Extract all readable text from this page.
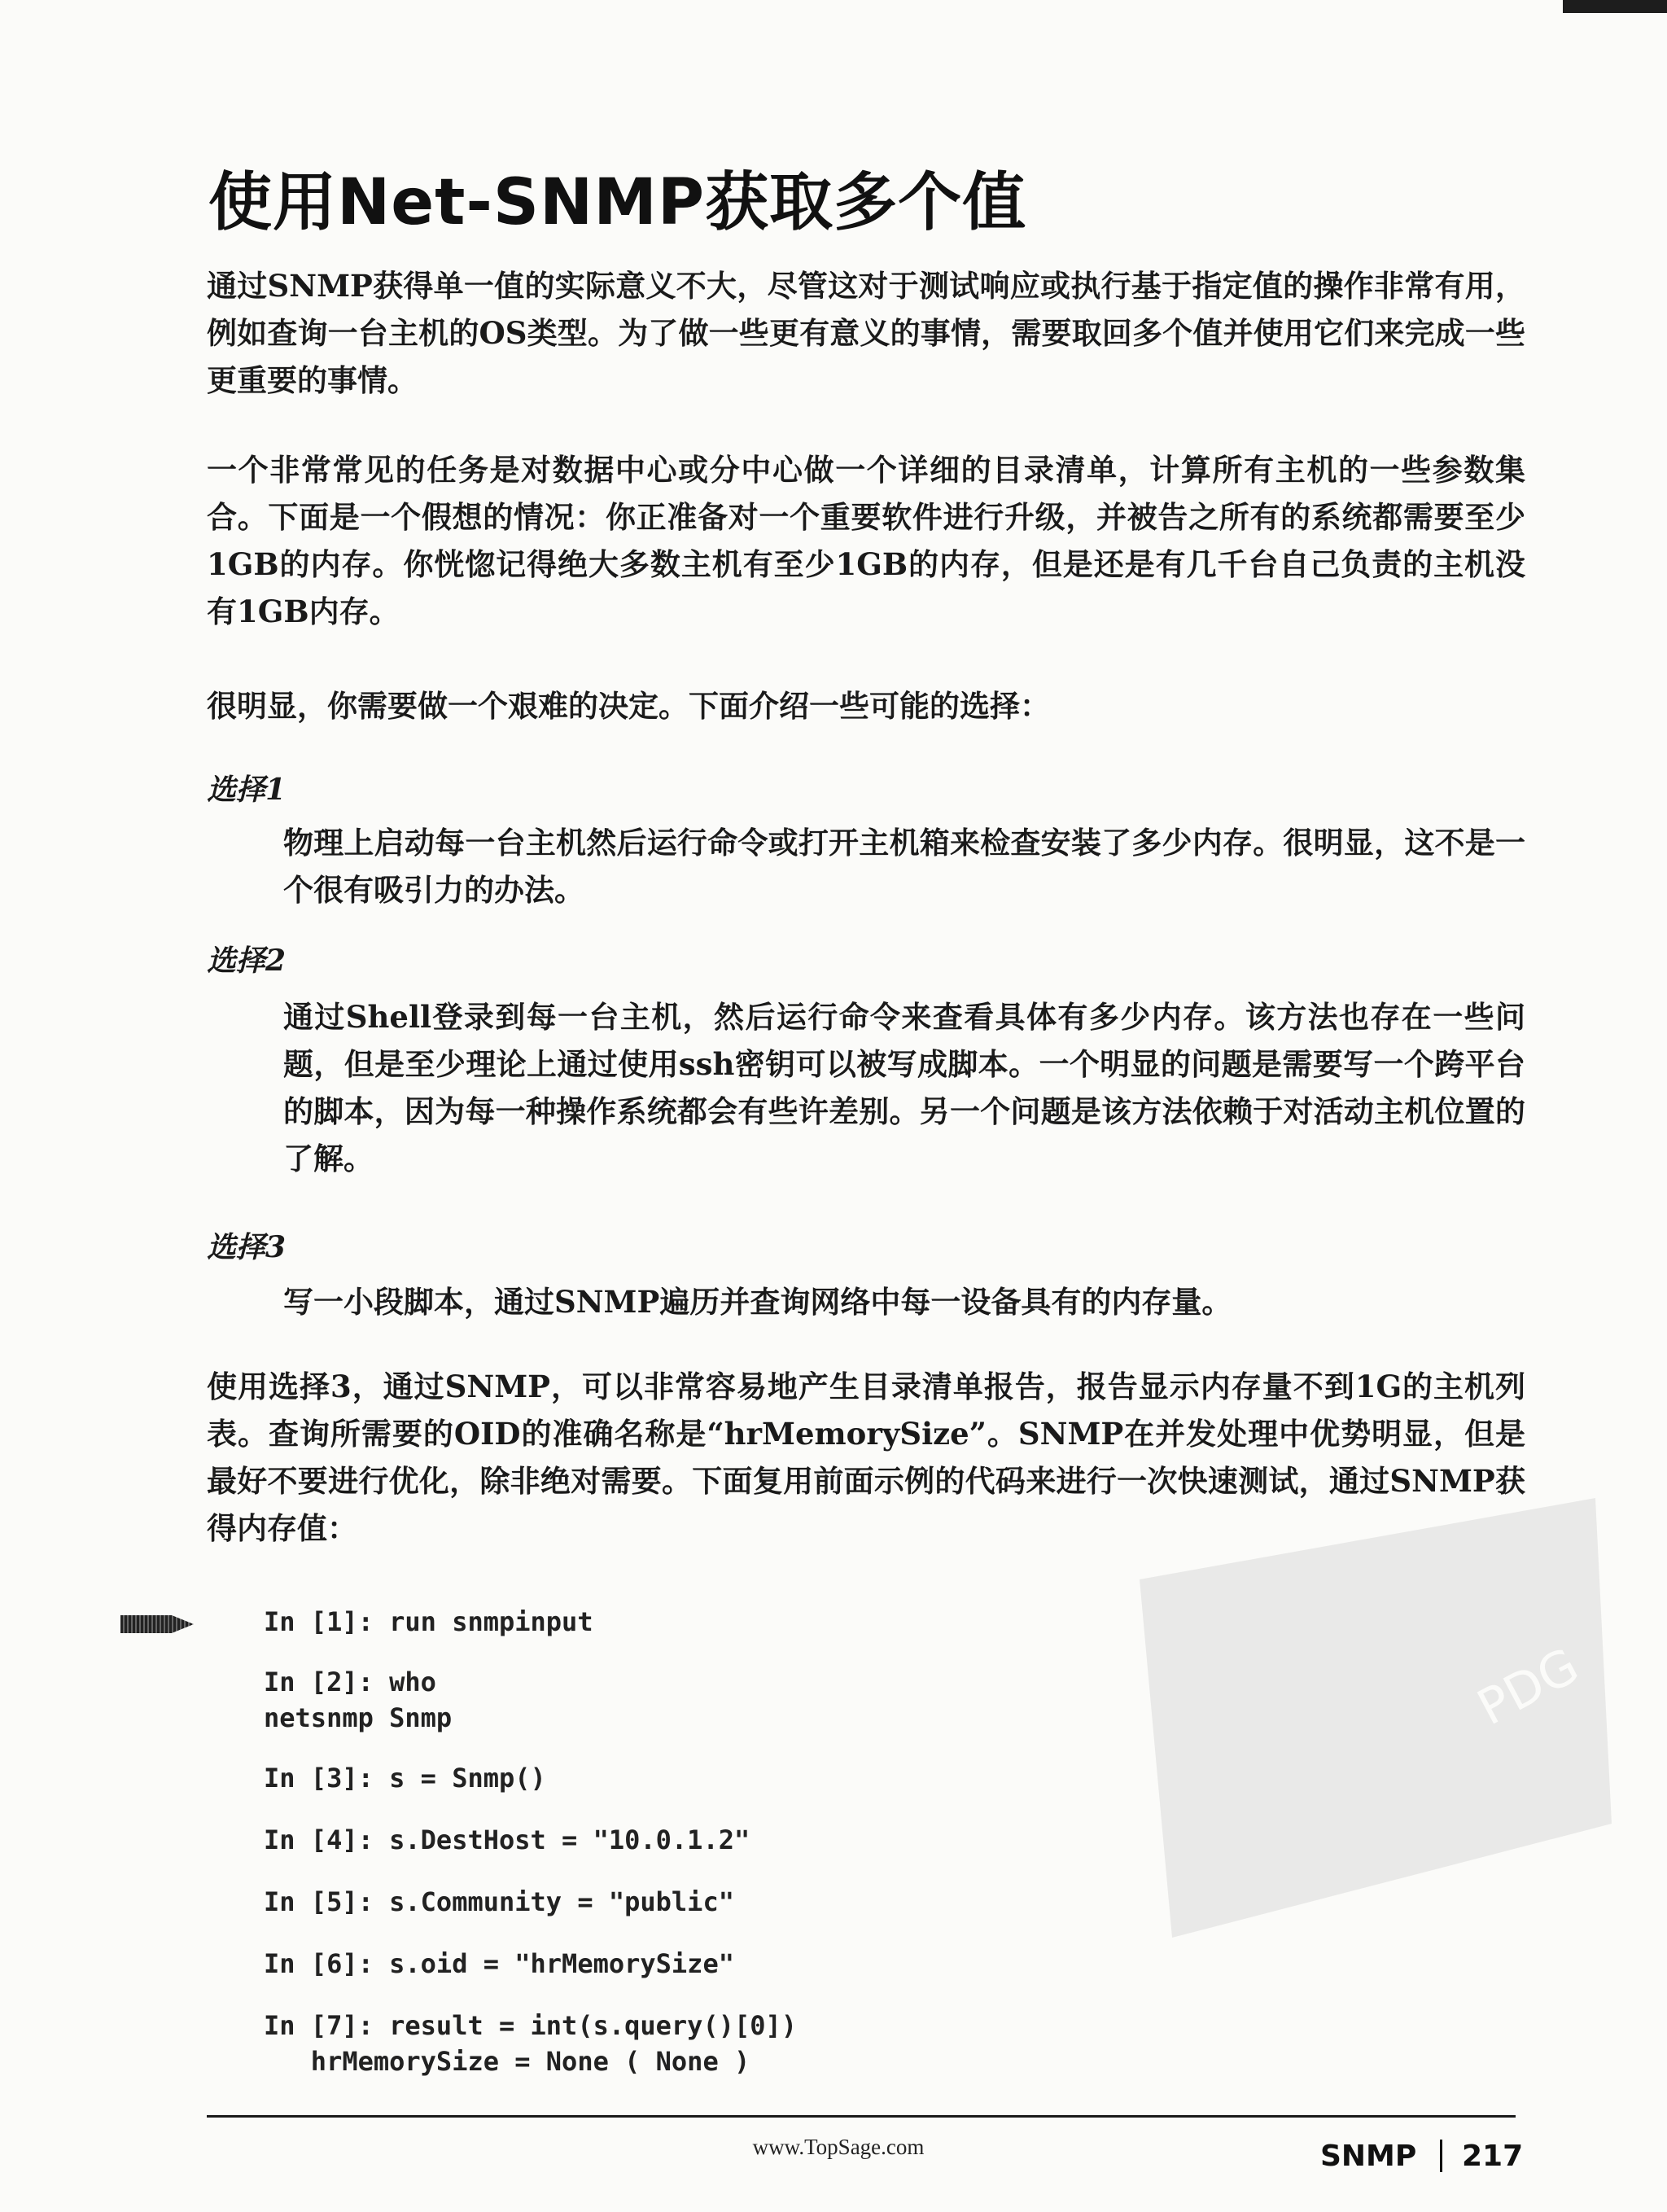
使用Net-SNMP获取多个值

通过SNMP获得单一值的实际意义不大，尽管这对于测试响应或执行基于指定值的操作非常有用，例如查询一台主机的OS类型。为了做一些更有意义的事情，需要取回多个值并使用它们来完成一些更重要的事情。

一个非常常见的任务是对数据中心或分中心做一个详细的目录清单，计算所有主机的一些参数集合。下面是一个假想的情况：你正准备对一个重要软件进行升级，并被告之所有的系统都需要至少1GB的内存。你恍惚记得绝大多数主机有至少1GB的内存，但是还是有几千台自己负责的主机没有1GB内存。

很明显，你需要做一个艰难的决定。下面介绍一些可能的选择：

选择1

物理上启动每一台主机然后运行命令或打开主机箱来检查安装了多少内存。很明显，这不是一个很有吸引力的办法。

选择2

通过Shell登录到每一台主机，然后运行命令来查看具体有多少内存。该方法也存在一些问题，但是至少理论上通过使用ssh密钥可以被写成脚本。一个明显的问题是需要写一个跨平台的脚本，因为每一种操作系统都会有些许差别。另一个问题是该方法依赖于对活动主机位置的了解。

选择3

写一小段脚本，通过SNMP遍历并查询网络中每一设备具有的内存量。

使用选择3，通过SNMP，可以非常容易地产生目录清单报告，报告显示内存量不到1G的主机列表。查询所需要的OID的准确名称是“hrMemorySize”。SNMP在并发处理中优势明显，但是最好不要进行优化，除非绝对需要。下面复用前面示例的代码来进行一次快速测试，通过SNMP获得内存值：

In [1]: run snmpinput
In [2]: who
netsnmp Snmp
In [3]: s = Snmp()
In [4]: s.DestHost = "10.0.1.2"
In [5]: s.Community = "public"
In [6]: s.oid = "hrMemorySize"
In [7]: result = int(s.query()[0])
hrMemorySize = None ( None )
PDG
www.TopSage.com	SNMP 217
